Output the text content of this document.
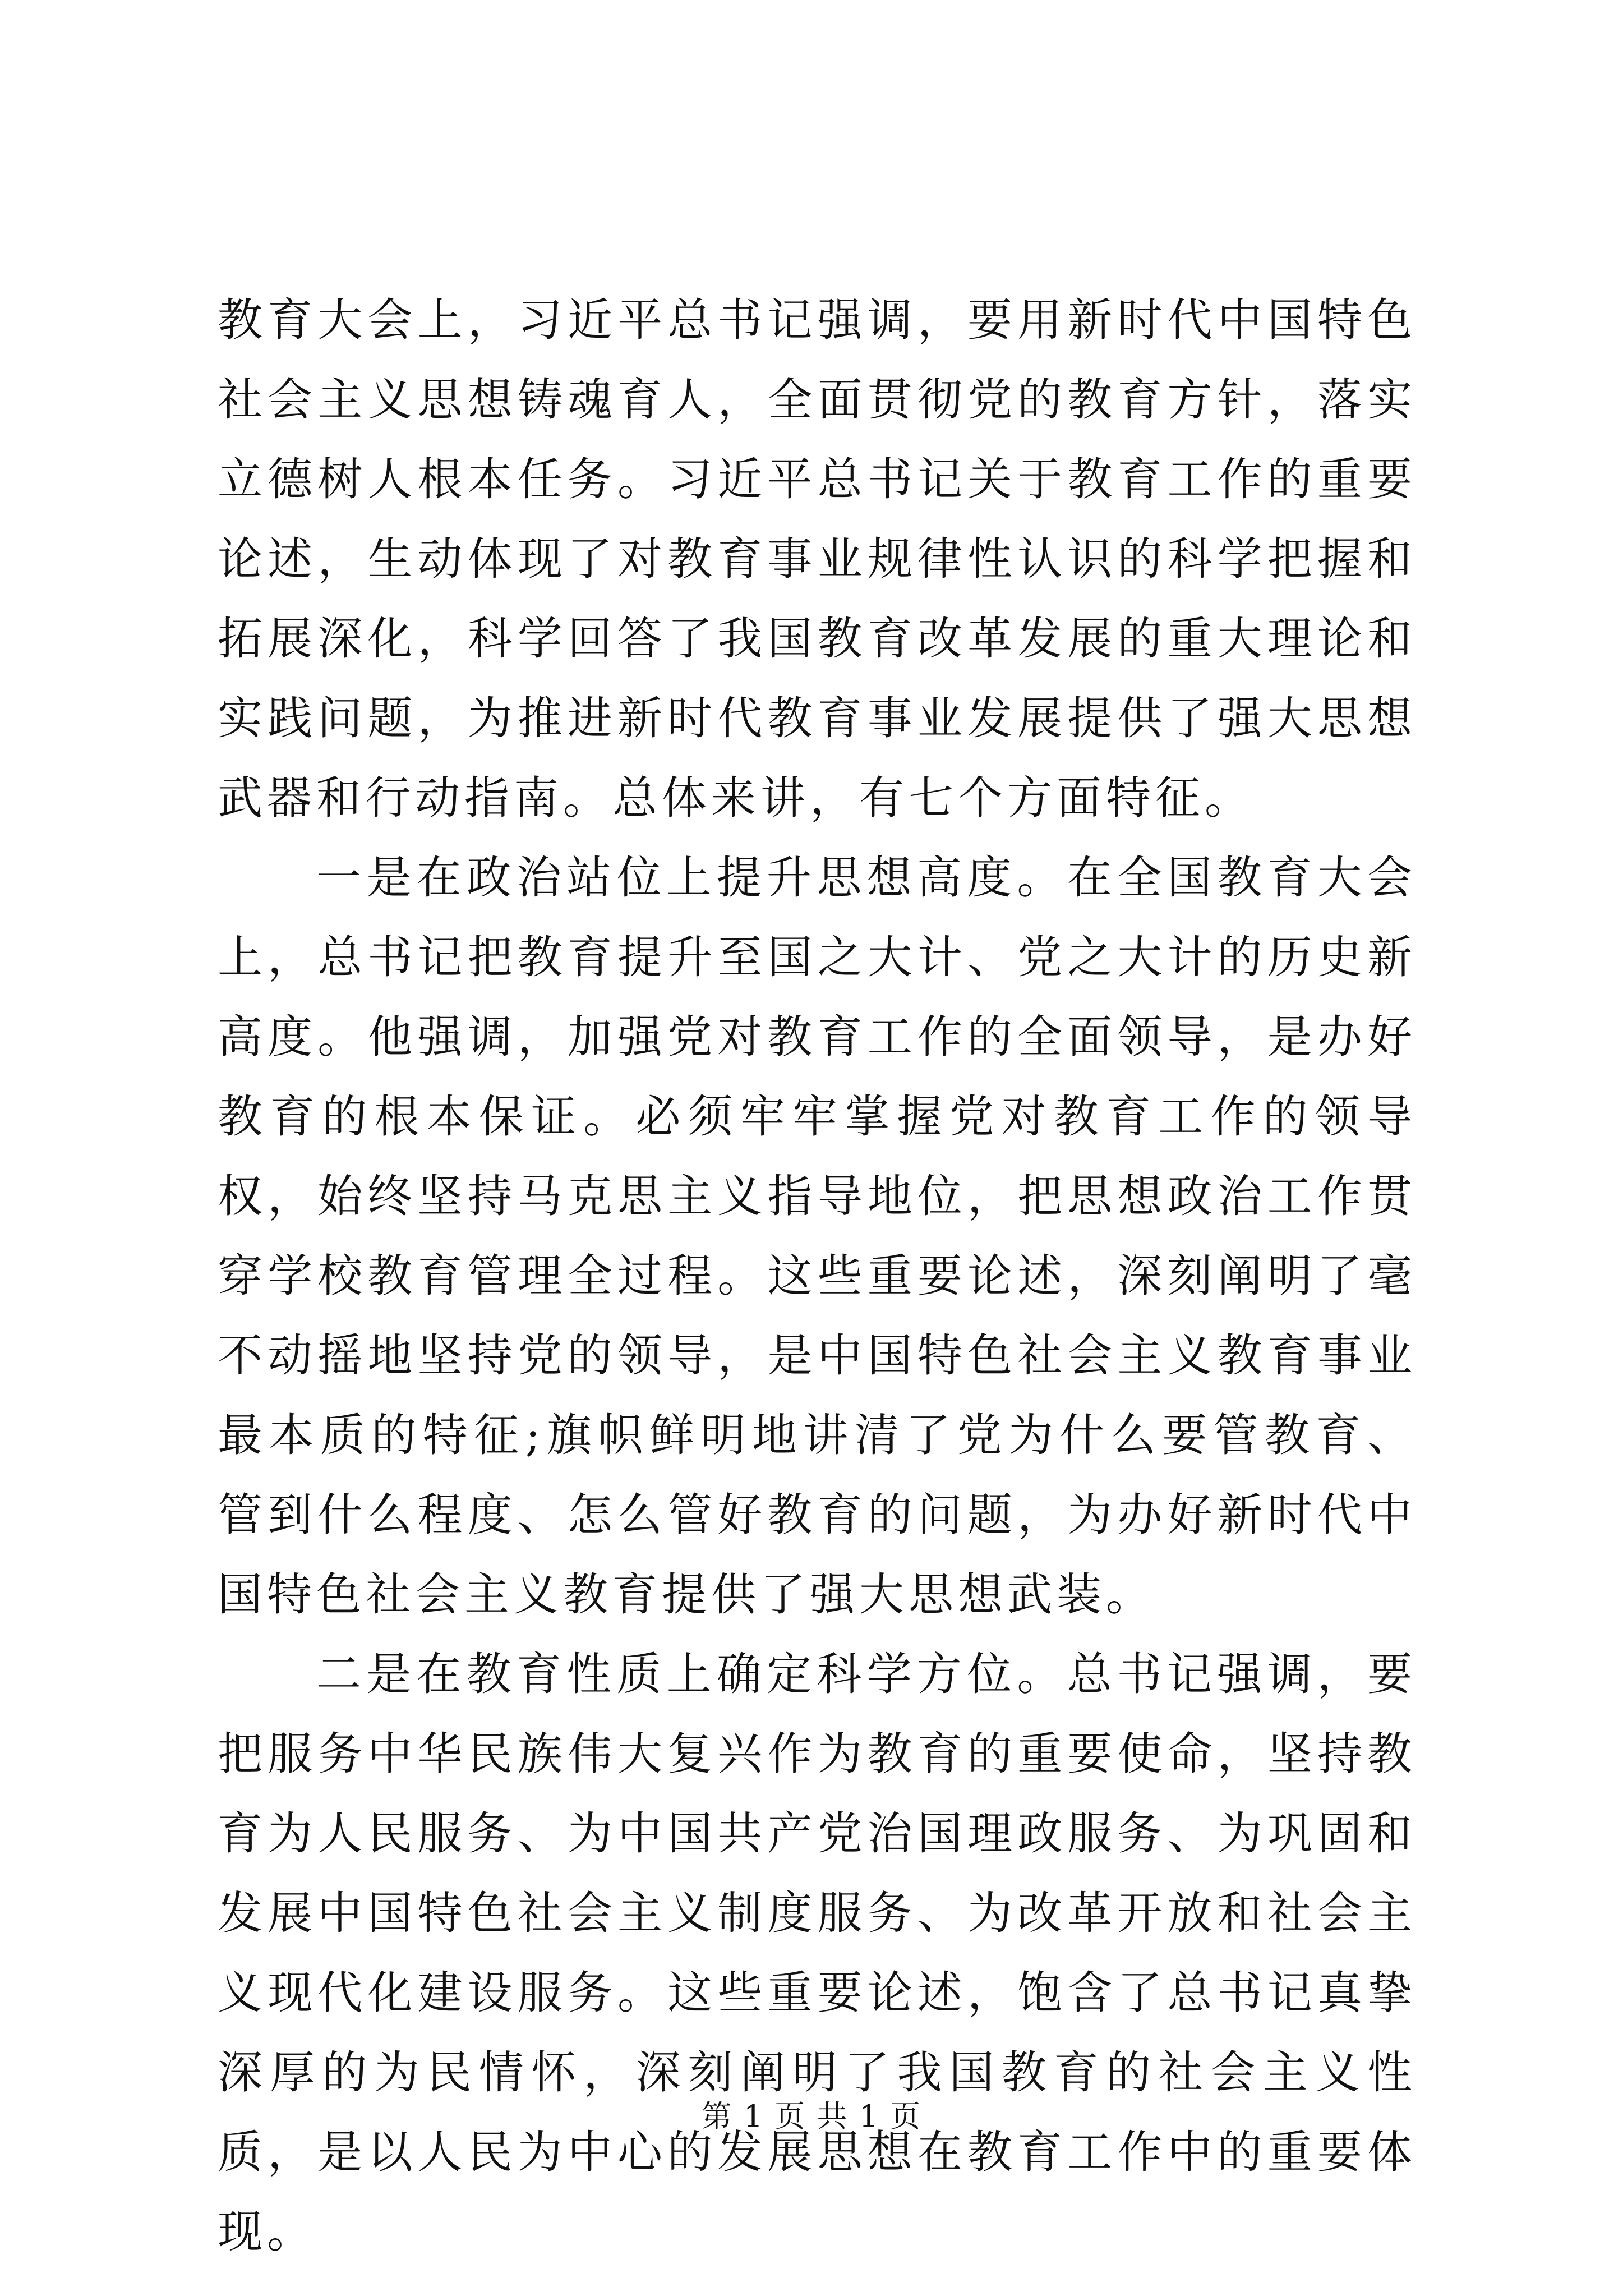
教育大会上，习近平总书记强调，要用新时代中国特色社会主义思想铸魂育人，全面贯彻党的教育方针，落实立德树人根本任务。习近平总书记关于教育工作的重要论述，生动体现了对教育事业规律性认识的科学把握和拓展深化，科学回答了我国教育改革发展的重大理论和实践问题，为推进新时代教育事业发展提供了强大思想武器和行动指南。总体来讲，有七个方面特征。

一是在政治站位上提升思想高度。在全国教育大会上，总书记把教育提升至国之大计、党之大计的历史新高度。他强调，加强党对教育工作的全面领导，是办好教育的根本保证。必须牢牢掌握党对教育工作的领导权，始终坚持马克思主义指导地位，把思想政治工作贯穿学校教育管理全过程。这些重要论述，深刻阐明了毫不动摇地坚持党的领导，是中国特色社会主义教育事业最本质的特征;旗帜鲜明地讲清了党为什么要管教育、管到什么程度、怎么管好教育的问题，为办好新时代中国特色社会主义教育提供了强大思想武装。

二是在教育性质上确定科学方位。总书记强调，要把服务中华民族伟大复兴作为教育的重要使命，坚持教育为人民服务、为中国共产党治国理政服务、为巩固和发展中国特色社会主义制度服务、为改革开放和社会主义现代化建设服务。这些重要论述，饱含了总书记真挚深厚的为民情怀，深刻阐明了我国教育的社会主义性质，是以人民为中心的发展思想在教育工作中的重要体现。

第 1 页 共 1 页
